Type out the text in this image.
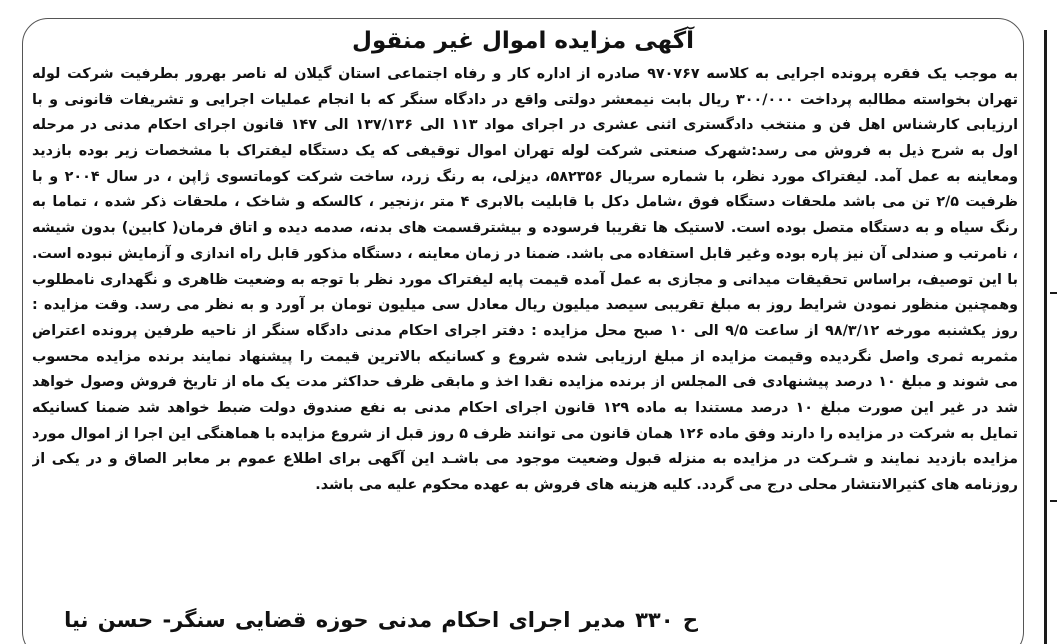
آگهی مزایده اموال غیر منقول
به موجب یک فقره پرونده اجرایی به کلاسه ۹۷۰۷۶۷ صادره از اداره کار و رفاه اجتماعی استان گیلان له ناصر بهرور بطرفیت شرکت لوله
تهران بخواسته مطالبه پرداخت ۳۰۰/۰۰۰ ریال بابت نیمعشر دولتی واقع در دادگاه سنگر که با انجام عملیات اجرایی و تشریفات قانونی و با
ارزیابی کارشناس اهل فن و منتخب دادگستری اثنی عشری در اجرای مواد ۱۱۳ الی ۱۳۷/۱۳۶ الی ۱۴۷ قانون اجرای احکام مدنی در مرحله
اول به شرح ذیل به فروش می رسد:شهرک صنعتی شرکت لوله تهران اموال توقیفی که یک دستگاه لیفتراک با مشخصات زیر بوده بازدید
ومعاینه به عمل آمد. لیفتراک مورد نظر، با شماره سریال ۵۸۲۳۵۶، دیزلی، به رنگ زرد، ساخت شرکت کوماتسوی ژاپن ، در سال ۲۰۰۴ و با
ظرفیت ۲/۵ تن می باشد ملحقات دستگاه فوق ،شامل دکل با قابلیت بالابری ۴ متر ،زنجیر ، کالسکه و شاخک ، ملحقات ذکر شده ، تماما به
رنگ سیاه و به دستگاه متصل بوده است. لاستیک ها تقریبا فرسوده و بیشترقسمت های بدنه، صدمه دیده و اتاق فرمان( کابین) بدون شیشه
، نامرتب و صندلی آن نیز پاره بوده وغیر قابل استفاده می باشد. ضمنا در زمان معاینه ، دستگاه مذکور قابل راه اندازی و آزمایش نبوده است.
با این توصیف، براساس تحقیقات میدانی و مجازی به عمل آمده قیمت پایه لیفتراک مورد نظر با توجه به وضعیت ظاهری و نگهداری نامطلوب
وهمچنین منظور نمودن شرایط روز به مبلغ تقریبی سیصد میلیون ریال معادل سی میلیون تومان بر آورد و به نظر می رسد. وقت مزایده :
روز یکشنبه مورخه ۹۸/۳/۱۲ از ساعت ۹/۵ الی ۱۰ صبح محل مزایده : دفتر اجرای احکام مدنی دادگاه سنگر از ناحیه طرفین پرونده اعتراض
مثمربه ثمری واصل نگردیده وقیمت مزایده از مبلغ ارزیابی شده شروع و کسانیکه بالاترین قیمت را پیشنهاد نمایند برنده مزایده محسوب
می شوند و مبلغ ۱۰ درصد پیشنهادی فی المجلس از برنده مزایده نقدا اخذ و مابقی ظرف حداکثر مدت یک ماه از تاریخ فروش وصول خواهد
شد در غیر این صورت مبلغ ۱۰ درصد مستندا به ماده ۱۲۹ قانون اجرای احکام مدنی به نفع صندوق دولت ضبط خواهد شد ضمنا کسانیکه
تمایل به شرکت در مزایده را دارند وفق ماده ۱۲۶ همان قانون می توانند ظرف ۵ روز قبل از شروع مزایده با هماهنگی این اجرا از اموال مورد
مزایده بازدید نمایند و شـرکت در مزایده به منزله قبول وضعیت موجود می باشـد این آگهی برای اطلاع عموم بر معابر الصاق و در یکی از
روزنامه های کثیرالانتشار محلی درج می گردد. کلیه هزینه های فروش به عهده محکوم علیه می باشد.
ح ۳۳۰ مدیر اجرای احکام مدنی حوزه قضایی سنگر- حسن نیا
